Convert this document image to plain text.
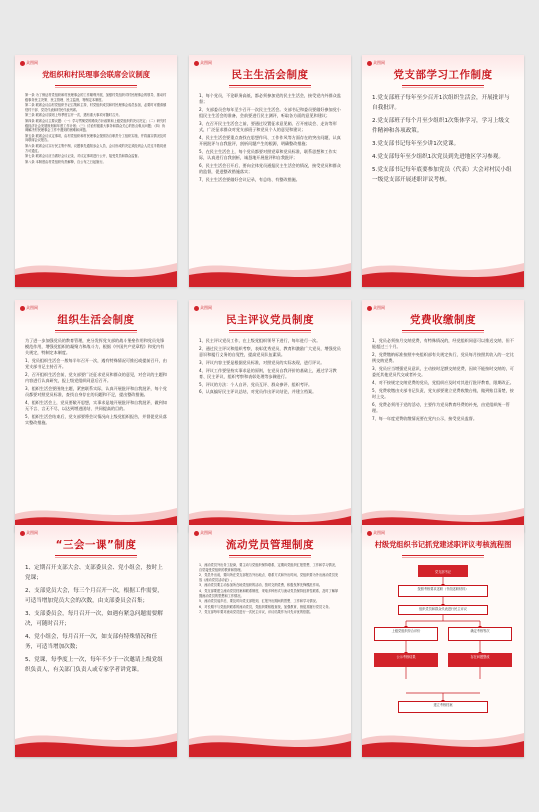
众图网
党组织和村民理事会联席会议制度

第一条 为了保证村党组织和村民理事会的工作顺利开展，加强村党组织对村民理事会的领导，推动村级事务民主决策、民主管理、民主监督，特制定本制度。

第二条 联席会议由村党组织书记召集和主持，村党组织成员和村民理事会成员参加，必要时可邀请镇驻村干部、党员代表和村民代表列席。

第三条 联席会议原则上每季度召开一次，遇有重大事项可随时召开。

第四条 联席会议主要议题：（一）学习贯彻党的路线方针政策和上级党组织的决议决定；（二）研究村级经济社会发展规划和年度工作计划；（三）讨论村级重大事务和群众关心的热点难点问题；（四）协调解决村民理事会工作中遇到的困难和问题。

第五条 联席会议议定事项，由村党组织和村民理事会按照各自职责分工组织实施，并将落实情况及时向联席会议报告。

第六条 联席会议实行民主集中制，议题事先通知参会人员，会议形成的决定须经到会人员过半数同意方可通过。

第七条 联席会议应当做好会议记录，对议定事项进行公开，接受党员和群众监督。

第八条 本制度由村党组织负责解释，自公布之日起施行。

众图网
民主生活会制度

1、每个党员，不论职务高低，都必须参加党的民主生活会，接受党内外群众监督；

2、支部委员会每年至少召开一次民主生活会。支部书记和委员要做好参加党小组民主生活会的准备，会前要进行民主测评，听取各方面的意见和建议；

3、在召开民主生活会之前，要通过设置征求意见箱、召开座谈会、走访等形式，广泛征求群众对党支部班子和党员个人的意见和建议；

4、民主生活会要重点查找在思想作风、工作作风等方面存在的突出问题，认真开展批评与自我批评，剖析问题产生的根源，明确整改措施；

5、在民主生活会上，每个党员都要对照党章和党员标准，联系思想和工作实际，认真进行自我剖析，诚恳地开展批评和自我批评；

6、民主生活会召开后，要向全体党员通报民主生活会的情况，接受党员和群众的监督，促进整改措施落实；

7、民主生活会要做好会议记录，有总结、有整改措施。

众图网
党支部学习工作制度

1.党支部班子每年至少召开1次组织生活会，开展批评与自我批评。

2.党支部班子每个月至少组织1次集体学习，学习上级文件精神和各项政策。

3.党支部书记每年至少讲1次党课。

4.党支部每年至少组织1次党员到先进地区学习参观。

5.党支部书记每年底要参加党员（代表）大会对村民小组一级党支部开展述职评议考核。

众图网
组织生活会制度

为了进一步加强党员的教育管理，充分发挥党支部的战斗堡垒作用和党员先锋模范作用，增强党组织的凝聚力和战斗力，根据《中国共产党章程》和党内有关规定，特制定本制度。

1、党员组织生活会一般每半年召开一次，遇有特殊情况可推迟或提前召开，由党支部书记主持召开。

2、召开组织生活会前，党支部要广泛征求党员和群众的意见，对会议的主题和内容进行认真研究，报上级党组织同意后召开。

3、组织生活会要围绕主题，紧密联系实际，认真开展批评和自我批评，每个党员都要对照党员标准，查找自身存在的问题和不足，提出整改措施。

4、组织生活会上，党员要敞开思想，实事求是地开展批评和自我批评，做到知无不言、言无不尽，以达到增进团结、共同提高的目的。

5、组织生活会结束后，党支部要将会议情况向上级党组织报告，并督促党员落实整改措施。

众图网
民主评议党员制度

1、民主评议党员工作，在上级党组织领导下进行，每年进行一次。

2、通过民主评议和组织考察，表彰优秀党员，教育和激励广大党员，增强党员意识和履行义务的自觉性，提高党员队伍素质。

3、评议内容主要是根据党员标准，对照党员的实际表现，进行评议。

4、评议工作要坚持实事求是的原则，在党员自我评价的基础上，通过学习教育、民主评议、组织考察和表彰处理等步骤进行。

5、评议的方法：个人自评、党员互评、群众参评、组织考评。

6、认真搞好民主评议总结，对党员作出评议结论，并建立档案。

众图网
党费收缴制度

1、党员必须按月交纳党费，有特殊情况的，经党组织同意可以推迟交纳，但不能超过三个月。

2、党费缴纳标准按照中央组织部有关规定执行，党员每月按照其收入的一定比例交纳党费。

3、党员应当增强党员意识，主动按时足额交纳党费，因故不能按时交纳的，可委托其他党员代交或者补交。

4、对不按规定交纳党费的党员，党组织应及时对其进行批评教育，限期改正。

5、党费收缴由支部书记负责，党支部要建立党费收缴台账，做到账目清楚，按时上交。

6、党费必须用于党的活动，主要作为党员教育经费的补充，由党组织统一管理。

7、每一年度党费收缴情况要在党内公示，接受党员监督。

众图网
“三会一课”制度

1、定期召开支部大会、支部委员会、党小组会，按时上党课；

2、支部党员大会，每三个月召开一次，根据工作需要，可适当增加党员大会的次数，由支部委员会召集；

3、支部委员会，每月召开一次，如遇有紧急问题需要解决，可随时召开；

4、党小组会，每月召开一次，如支部有特殊情况和任务，可适当增加次数；

5、党课，每季度上一次，每年不少于一次邀请上级党组织负责人，有关部门负责人或专家学者讲党课。

众图网
流动党员管理制度

1、流动党员外出务工经商，要主动与党组织保持联系，定期向党组织汇报思想、工作和学习情况，自觉接受党组织的教育和管理。

2、党员外出前，要向所在党支部报告外出地点、联系方式和外出时间，党组织要为外出流动党员发放《流动党员活动证》。

3、流动党员要主动参加所在地党组织的活动，按时交纳党费，积极发挥先锋模范作用。

4、党支部要建立流动党员档案和联系制度，采取多种形式与流动党员保持经常性联系，及时了解掌握流动党员的思想和工作情况。

5、流动党员返乡后，要及时向党支部报到，汇报外出期间的思想、工作和学习情况。

6、对长期不与党组织联系的流动党员，党组织要积极查找，加强教育，督促其履行党员义务。

7、党支部每年要对流动党员进行一次民主评议，评议结果作为评先评优的依据。

众图网
村级党组织书记抓党建述职评议考核流程图
党支部书记
按照考核要求述职（书面述职材料）
组织党员和群众代表进行民主评议
上级党组织综合评价	确定考核等次
公示考核结果	存在问题整改
建立考核档案
